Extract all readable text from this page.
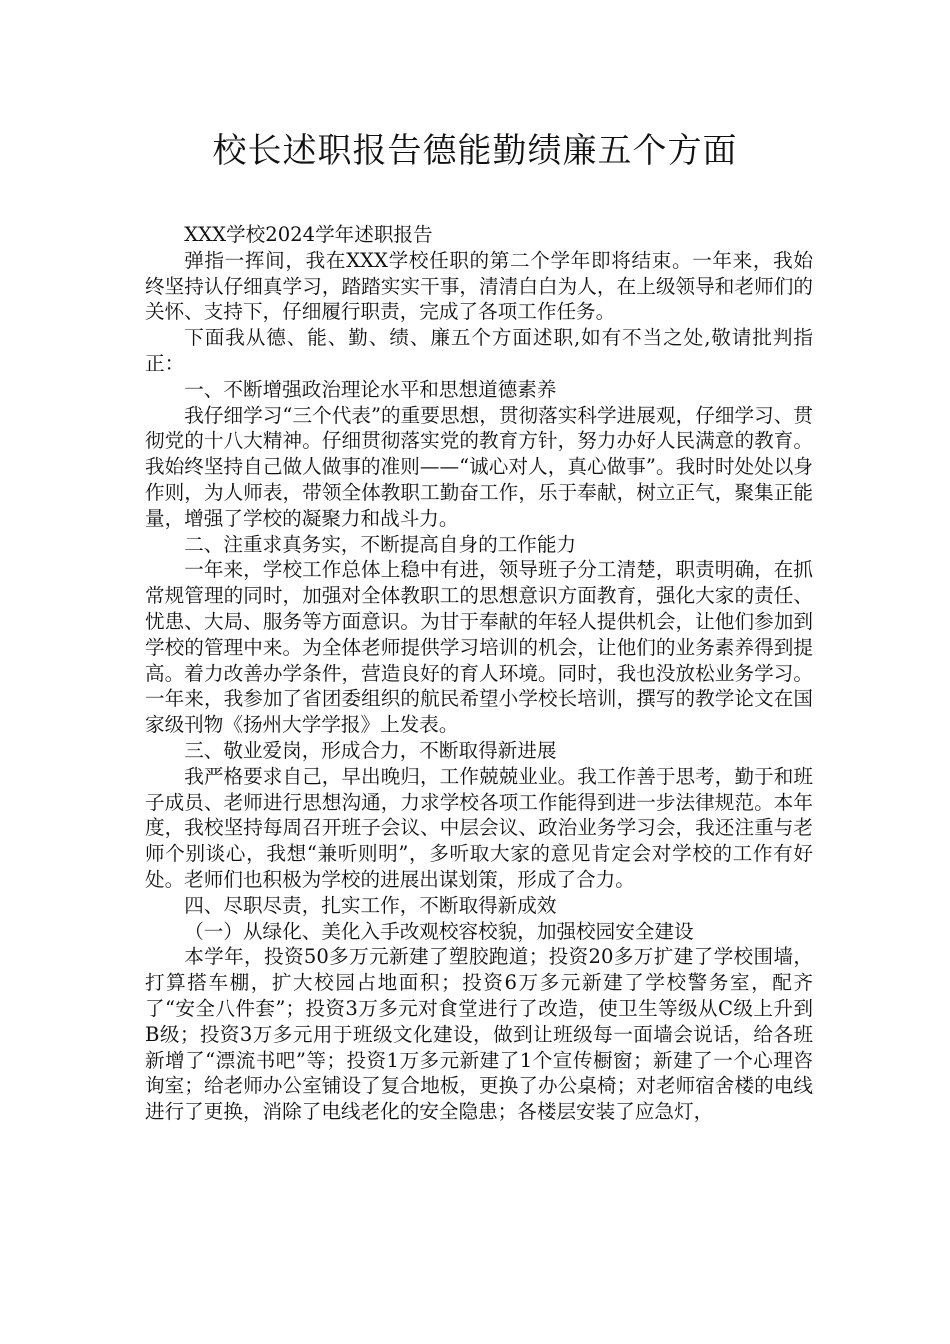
校长述职报告德能勤绩廉五个方面

XXX学校2024学年述职报告

弹指一挥间，我在XXX学校任职的第二个学年即将结束。一年来，我始终坚持认仔细真学习，踏踏实实干事，清清白白为人，在上级领导和老师们的关怀、支持下，仔细履行职责，完成了各项工作任务。

下面我从德、能、勤、绩、廉五个方面述职,如有不当之处,敬请批判指正：

一、不断增强政治理论水平和思想道德素养

我仔细学习“三个代表”的重要思想，贯彻落实科学进展观，仔细学习、贯彻党的十八大精神。仔细贯彻落实党的教育方针，努力办好人民满意的教育。我始终坚持自己做人做事的准则——“诚心对人，真心做事”。我时时处处以身作则，为人师表，带领全体教职工勤奋工作，乐于奉献，树立正气，聚集正能量，增强了学校的凝聚力和战斗力。

二、注重求真务实，不断提高自身的工作能力

一年来，学校工作总体上稳中有进，领导班子分工清楚，职责明确，在抓常规管理的同时，加强对全体教职工的思想意识方面教育，强化大家的责任、忧患、大局、服务等方面意识。为甘于奉献的年轻人提供机会，让他们参加到学校的管理中来。为全体老师提供学习培训的机会，让他们的业务素养得到提高。着力改善办学条件，营造良好的育人环境。同时，我也没放松业务学习。一年来，我参加了省团委组织的航民希望小学校长培训，撰写的教学论文在国家级刊物《扬州大学学报》上发表。

三、敬业爱岗，形成合力，不断取得新进展

我严格要求自己，早出晚归，工作兢兢业业。我工作善于思考，勤于和班子成员、老师进行思想沟通，力求学校各项工作能得到进一步法律规范。本年度，我校坚持每周召开班子会议、中层会议、政治业务学习会，我还注重与老师个别谈心，我想“兼听则明”，多听取大家的意见肯定会对学校的工作有好处。老师们也积极为学校的进展出谋划策，形成了合力。

四、尽职尽责，扎实工作，不断取得新成效

（一）从绿化、美化入手改观校容校貌，加强校园安全建设

本学年，投资50多万元新建了塑胶跑道；投资20多万扩建了学校围墙，打算搭车棚，扩大校园占地面积；投资6万多元新建了学校警务室，配齐了“安全八件套”；投资3万多元对食堂进行了改造，使卫生等级从C级上升到B级；投资3万多元用于班级文化建设，做到让班级每一面墙会说话，给各班新增了“漂流书吧”等；投资1万多元新建了1个宣传橱窗；新建了一个心理咨询室；给老师办公室铺设了复合地板，更换了办公桌椅；对老师宿舍楼的电线进行了更换，消除了电线老化的安全隐患；各楼层安装了应急灯，
